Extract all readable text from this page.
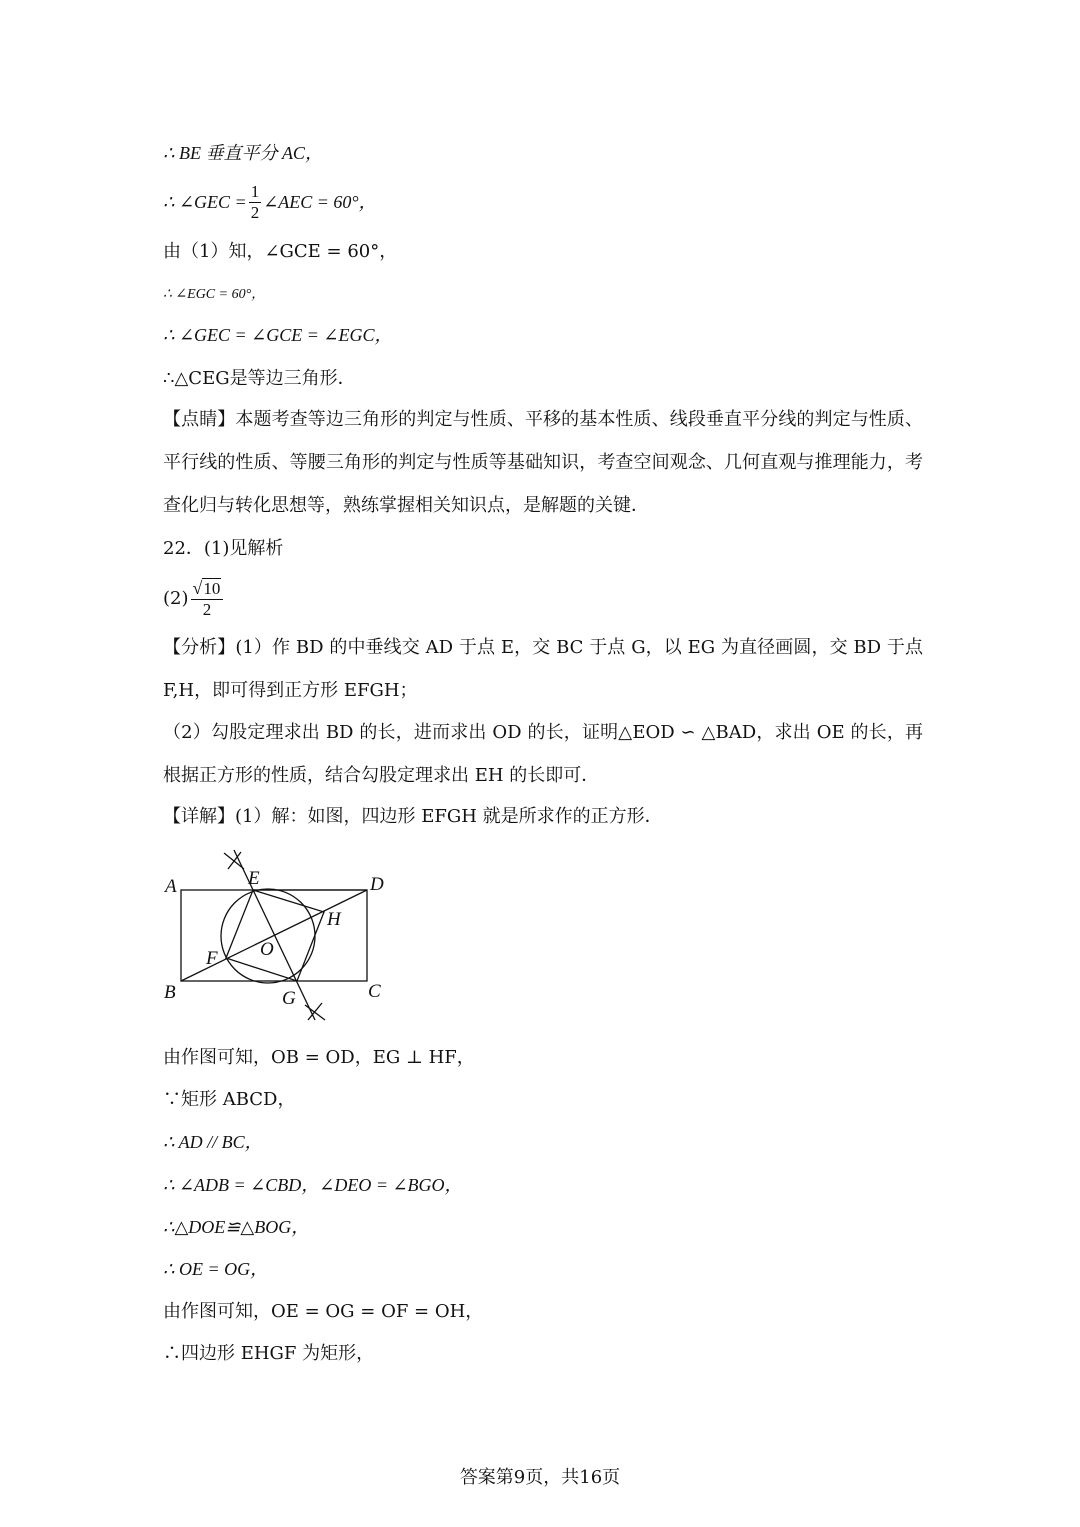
∴ BE 垂直平分 AC，
∴ ∠GEC = $\frac{1}{2}$ ∠AEC = 60°，
由（1）知，∠GCE = 60°，
∴ ∠EGC = 60°，
∴ ∠GEC = ∠GCE = ∠EGC，
∴△CEG是等边三角形．
【点睛】本题考查等边三角形的判定与性质、平移的基本性质、线段垂直平分线的判定与性质、平行线的性质、等腰三角形的判定与性质等基础知识，考查空间观念、几何直观与推理能力，考查化归与转化思想等，熟练掌握相关知识点，是解题的关键．
22．(1)见解析
$(2) \frac{√ 10}{2}$
【分析】(1）作 BD 的中垂线交 AD 于点 E，交 BC 于点 G，以 EG 为直径画圆，交 BD 于点 F,H，即可得到正方形 EFGH；
（2）勾股定理求出 BD 的长，进而求出 OD 的长，证明△EOD ∽ △BAD，求出 OE 的长，再根据正方形的性质，结合勾股定理求出 EH 的长即可．
【详解】(1）解：如图，四边形 EFGH 就是所求作的正方形．
A
B	C
D
E
F
G
H
O
由作图可知，OB = OD，EG ⊥ HF，
∵矩形 ABCD，
∴ AD // BC，
∴ ∠ADB = ∠CBD，∠DEO = ∠BGO，
∴△DOE≌△BOG，
∴ OE = OG，
由作图可知，OE = OG = OF = OH，
∴四边形 EHGF 为矩形，
答案第9页，共16页
